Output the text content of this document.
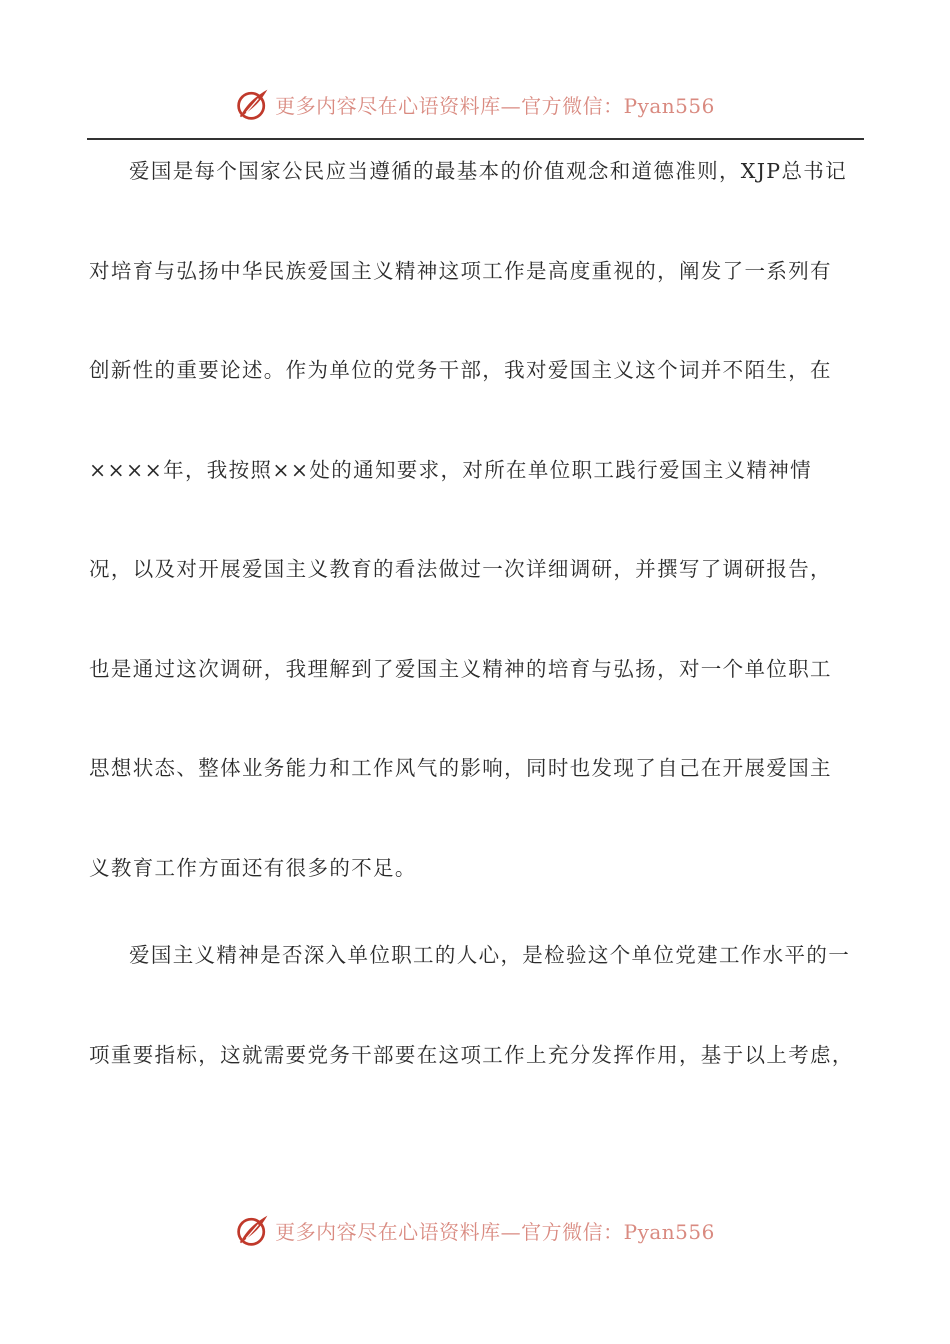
更多内容尽在心语资料库—官方微信：Pyan556
爱国是每个国家公民应当遵循的最基本的价值观念和道德准则，XJP总书记
对培育与弘扬中华民族爱国主义精神这项工作是高度重视的，阐发了一系列有
创新性的重要论述。作为单位的党务干部，我对爱国主义这个词并不陌生，在
××××年，我按照××处的通知要求，对所在单位职工践行爱国主义精神情
况，以及对开展爱国主义教育的看法做过一次详细调研，并撰写了调研报告，
也是通过这次调研，我理解到了爱国主义精神的培育与弘扬，对一个单位职工
思想状态、整体业务能力和工作风气的影响，同时也发现了自己在开展爱国主
义教育工作方面还有很多的不足。
爱国主义精神是否深入单位职工的人心，是检验这个单位党建工作水平的一
项重要指标，这就需要党务干部要在这项工作上充分发挥作用，基于以上考虑，
更多内容尽在心语资料库—官方微信：Pyan556
